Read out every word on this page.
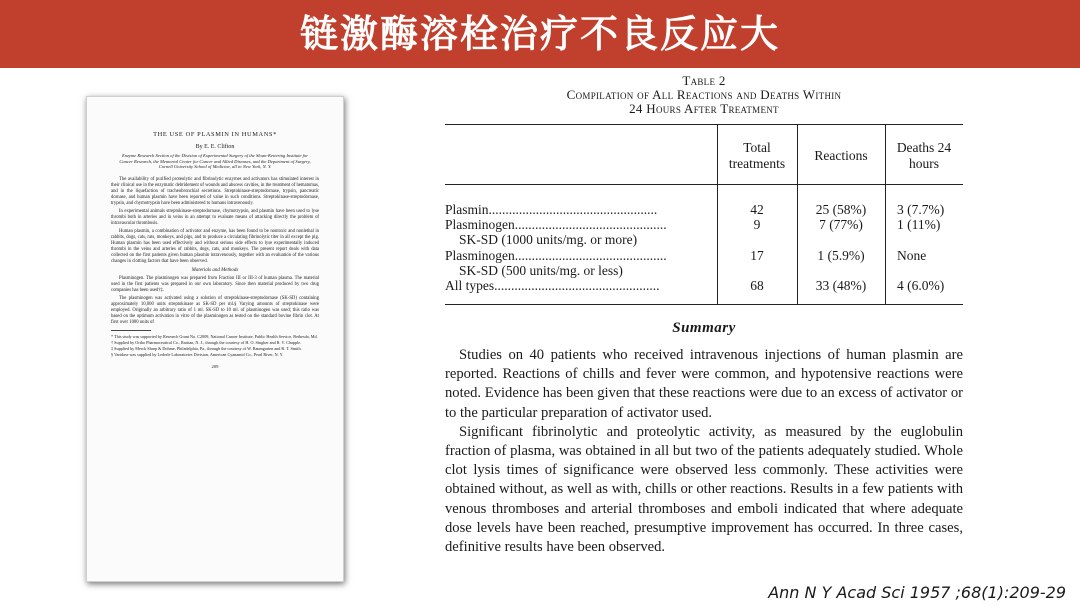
链激酶溶栓治疗不良反应大
THE USE OF PLASMIN IN HUMANS*
By E. E. Clifton
Enzyme Research Section of the Division of Experimental Surgery of the Sloan-Kettering Institute for Cancer Research, the Memorial Center for Cancer and Allied Diseases, and the Department of Surgery, Cornell University School of Medicine, all in New York, N. Y.

The availability of purified proteolytic and fibrinolytic enzymes and activators has stimulated interest in their clinical use in the enzymatic debridement of wounds and abscess cavities, in the treatment of hematomas, and in the liquefaction of tracheobronchial secretions. Streptokinase-streptodornase, trypsin, pancreatic dornase, and human plasmin have been reported of value in such conditions. Streptokinase-streptodornase, trypsin, and chymotrypsin have been administered to humans intravenously.

In experimental animals streptokinase-streptodornase, chymotrypsin, and plasmin have been used to lyse thrombi both in arteries and in veins in an attempt to evaluate means of attacking directly the problem of intravascular thrombosis.

Human plasmin, a combination of activator and enzyme, has been found to be nontoxic and nonlethal in rabbits, dogs, cats, rats, monkeys, and pigs, and to produce a circulating fibrinolytic titer in all except the pig. Human plasmin has been used effectively and without serious side effects to lyse experimentally induced thrombi in the veins and arteries of rabbits, dogs, cats, and monkeys. The present report deals with data collected on the first patients given human plasmin intravenously, together with an evaluation of the various changes in clotting factors that have been observed.

Materials and Methods

Plasminogen. The plasminogen was prepared from Fraction III or III-3 of human plasma. The material used in the first patients was prepared in our own laboratory. Since then material produced by two drug companies has been used†‡.

The plasminogen was activated using a solution of streptokinase-streptodornase (SK-SD) containing approximately 10,000 units streptokinase as SK-SD per ml.§ Varying amounts of streptokinase were employed. Originally an arbitrary ratio of 1 ml. SK-SD to 10 ml. of plasminogen was used; this ratio was based on the optimum activation in vitro of the plasminogen as tested on the standard bovine fibrin clot. At first over 1000 units of

* This study was supported by Research Grant No. C2009, National Cancer Institute, Public Health Service, Bethesda, Md.
† Supplied by Ortho Pharmaceutical Co., Raritan, N. J., through the courtesy of H. O. Singher and R. V. Chapple.
‡ Supplied by Merck Sharp & Dohme, Philadelphia, Pa., through the courtesy of W. Baumgarten and R. T. Smith.
§ Varidase was supplied by Lederle Laboratories Division, American Cyanamid Co., Pearl River, N. Y.
209
Table 2
Compilation of All Reactions and Deaths Within
24 Hours After Treatment
Total treatments
Reactions
Deaths 24 hours
Plasmin..................................................	42	25 (58%)	3 (7.7%)
Plasminogen.............................................	9	7 (77%)	1 (11%)
SK-SD (1000 units/mg. or more)
Plasminogen.............................................	17	1 (5.9%)	None
SK-SD (500 units/mg. or less)
All types.................................................	68	33 (48%)	4 (6.0%)
Summary

Studies on 40 patients who received intravenous injections of human plasmin are reported. Reactions of chills and fever were common, and hypotensive reactions were noted. Evidence has been given that these reactions were due to an excess of activator or to the particular preparation of activator used.

Significant fibrinolytic and proteolytic activity, as measured by the euglobulin fraction of plasma, was obtained in all but two of the patients adequately studied. Whole clot lysis times of significance were observed less commonly. These activities were obtained without, as well as with, chills or other reactions. Results in a few patients with venous thromboses and arterial thromboses and emboli indicated that where adequate dose levels have been reached, presumptive improvement has occurred. In three cases, definitive results have been observed.

Ann N Y Acad Sci 1957 ;68(1):209-29
